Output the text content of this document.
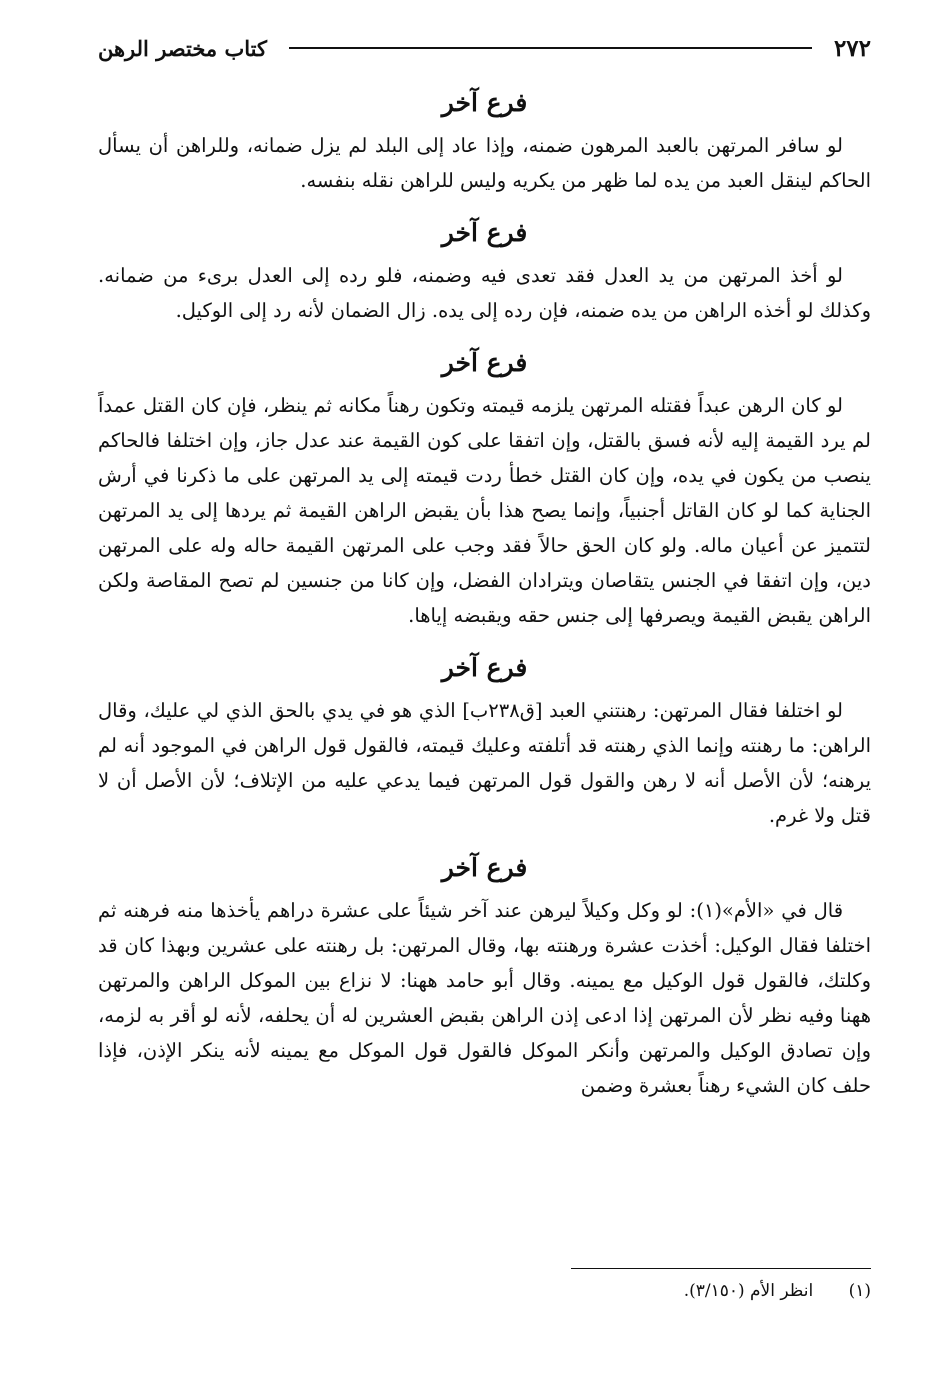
٢٧٢
كتاب مختصر الرهن
فرع آخر

لو سافر المرتهن بالعبد المرهون ضمنه، وإذا عاد إلى البلد لم يزل ضمانه، وللراهن أن يسأل الحاكم لينقل العبد من يده لما ظهر من يكريه وليس للراهن نقله بنفسه.

فرع آخر

لو أخذ المرتهن من يد العدل فقد تعدى فيه وضمنه، فلو رده إلى العدل برىء من ضمانه. وكذلك لو أخذه الراهن من يده ضمنه، فإن رده إلى يده. زال الضمان لأنه رد إلى الوكيل.

فرع آخر

لو كان الرهن عبداً فقتله المرتهن يلزمه قيمته وتكون رهناً مكانه ثم ينظر، فإن كان القتل عمداً لم يرد القيمة إليه لأنه فسق بالقتل، وإن اتفقا على كون القيمة عند عدل جاز، وإن اختلفا فالحاكم ينصب من يكون في يده، وإن كان القتل خطأ ردت قيمته إلى يد المرتهن على ما ذكرنا في أرش الجناية كما لو كان القاتل أجنبياً، وإنما يصح هذا بأن يقبض الراهن القيمة ثم يردها إلى يد المرتهن لتتميز عن أعيان ماله. ولو كان الحق حالاً فقد وجب على المرتهن القيمة حاله وله على المرتهن دين، وإن اتفقا في الجنس يتقاصان ويترادان الفضل، وإن كانا من جنسين لم تصح المقاصة ولكن الراهن يقبض القيمة ويصرفها إلى جنس حقه ويقبضه إياها.

فرع آخر

لو اختلفا فقال المرتهن: رهنتني العبد [ق٢٣٨ب] الذي هو في يدي بالحق الذي لي عليك، وقال الراهن: ما رهنته وإنما الذي رهنته قد أتلفته وعليك قيمته، فالقول قول الراهن في الموجود أنه لم يرهنه؛ لأن الأصل أنه لا رهن والقول قول المرتهن فيما يدعي عليه من الإتلاف؛ لأن الأصل أن لا قتل ولا غرم.

فرع آخر

قال في «الأم»(١): لو وكل وكيلاً ليرهن عند آخر شيئاً على عشرة دراهم يأخذها منه فرهنه ثم اختلفا فقال الوكيل: أخذت عشرة ورهنته بها، وقال المرتهن: بل رهنته على عشرين وبهذا كان قد وكلتك، فالقول قول الوكيل مع يمينه. وقال أبو حامد ههنا: لا نزاع بين الموكل الراهن والمرتهن ههنا وفيه نظر لأن المرتهن إذا ادعى إذن الراهن بقبض العشرين له أن يحلفه، لأنه لو أقر به لزمه، وإن تصادق الوكيل والمرتهن وأنكر الموكل فالقول قول الموكل مع يمينه لأنه ينكر الإذن، فإذا حلف كان الشيء رهناً بعشرة وضمن

(١) انظر الأم (٣/١٥٠).
